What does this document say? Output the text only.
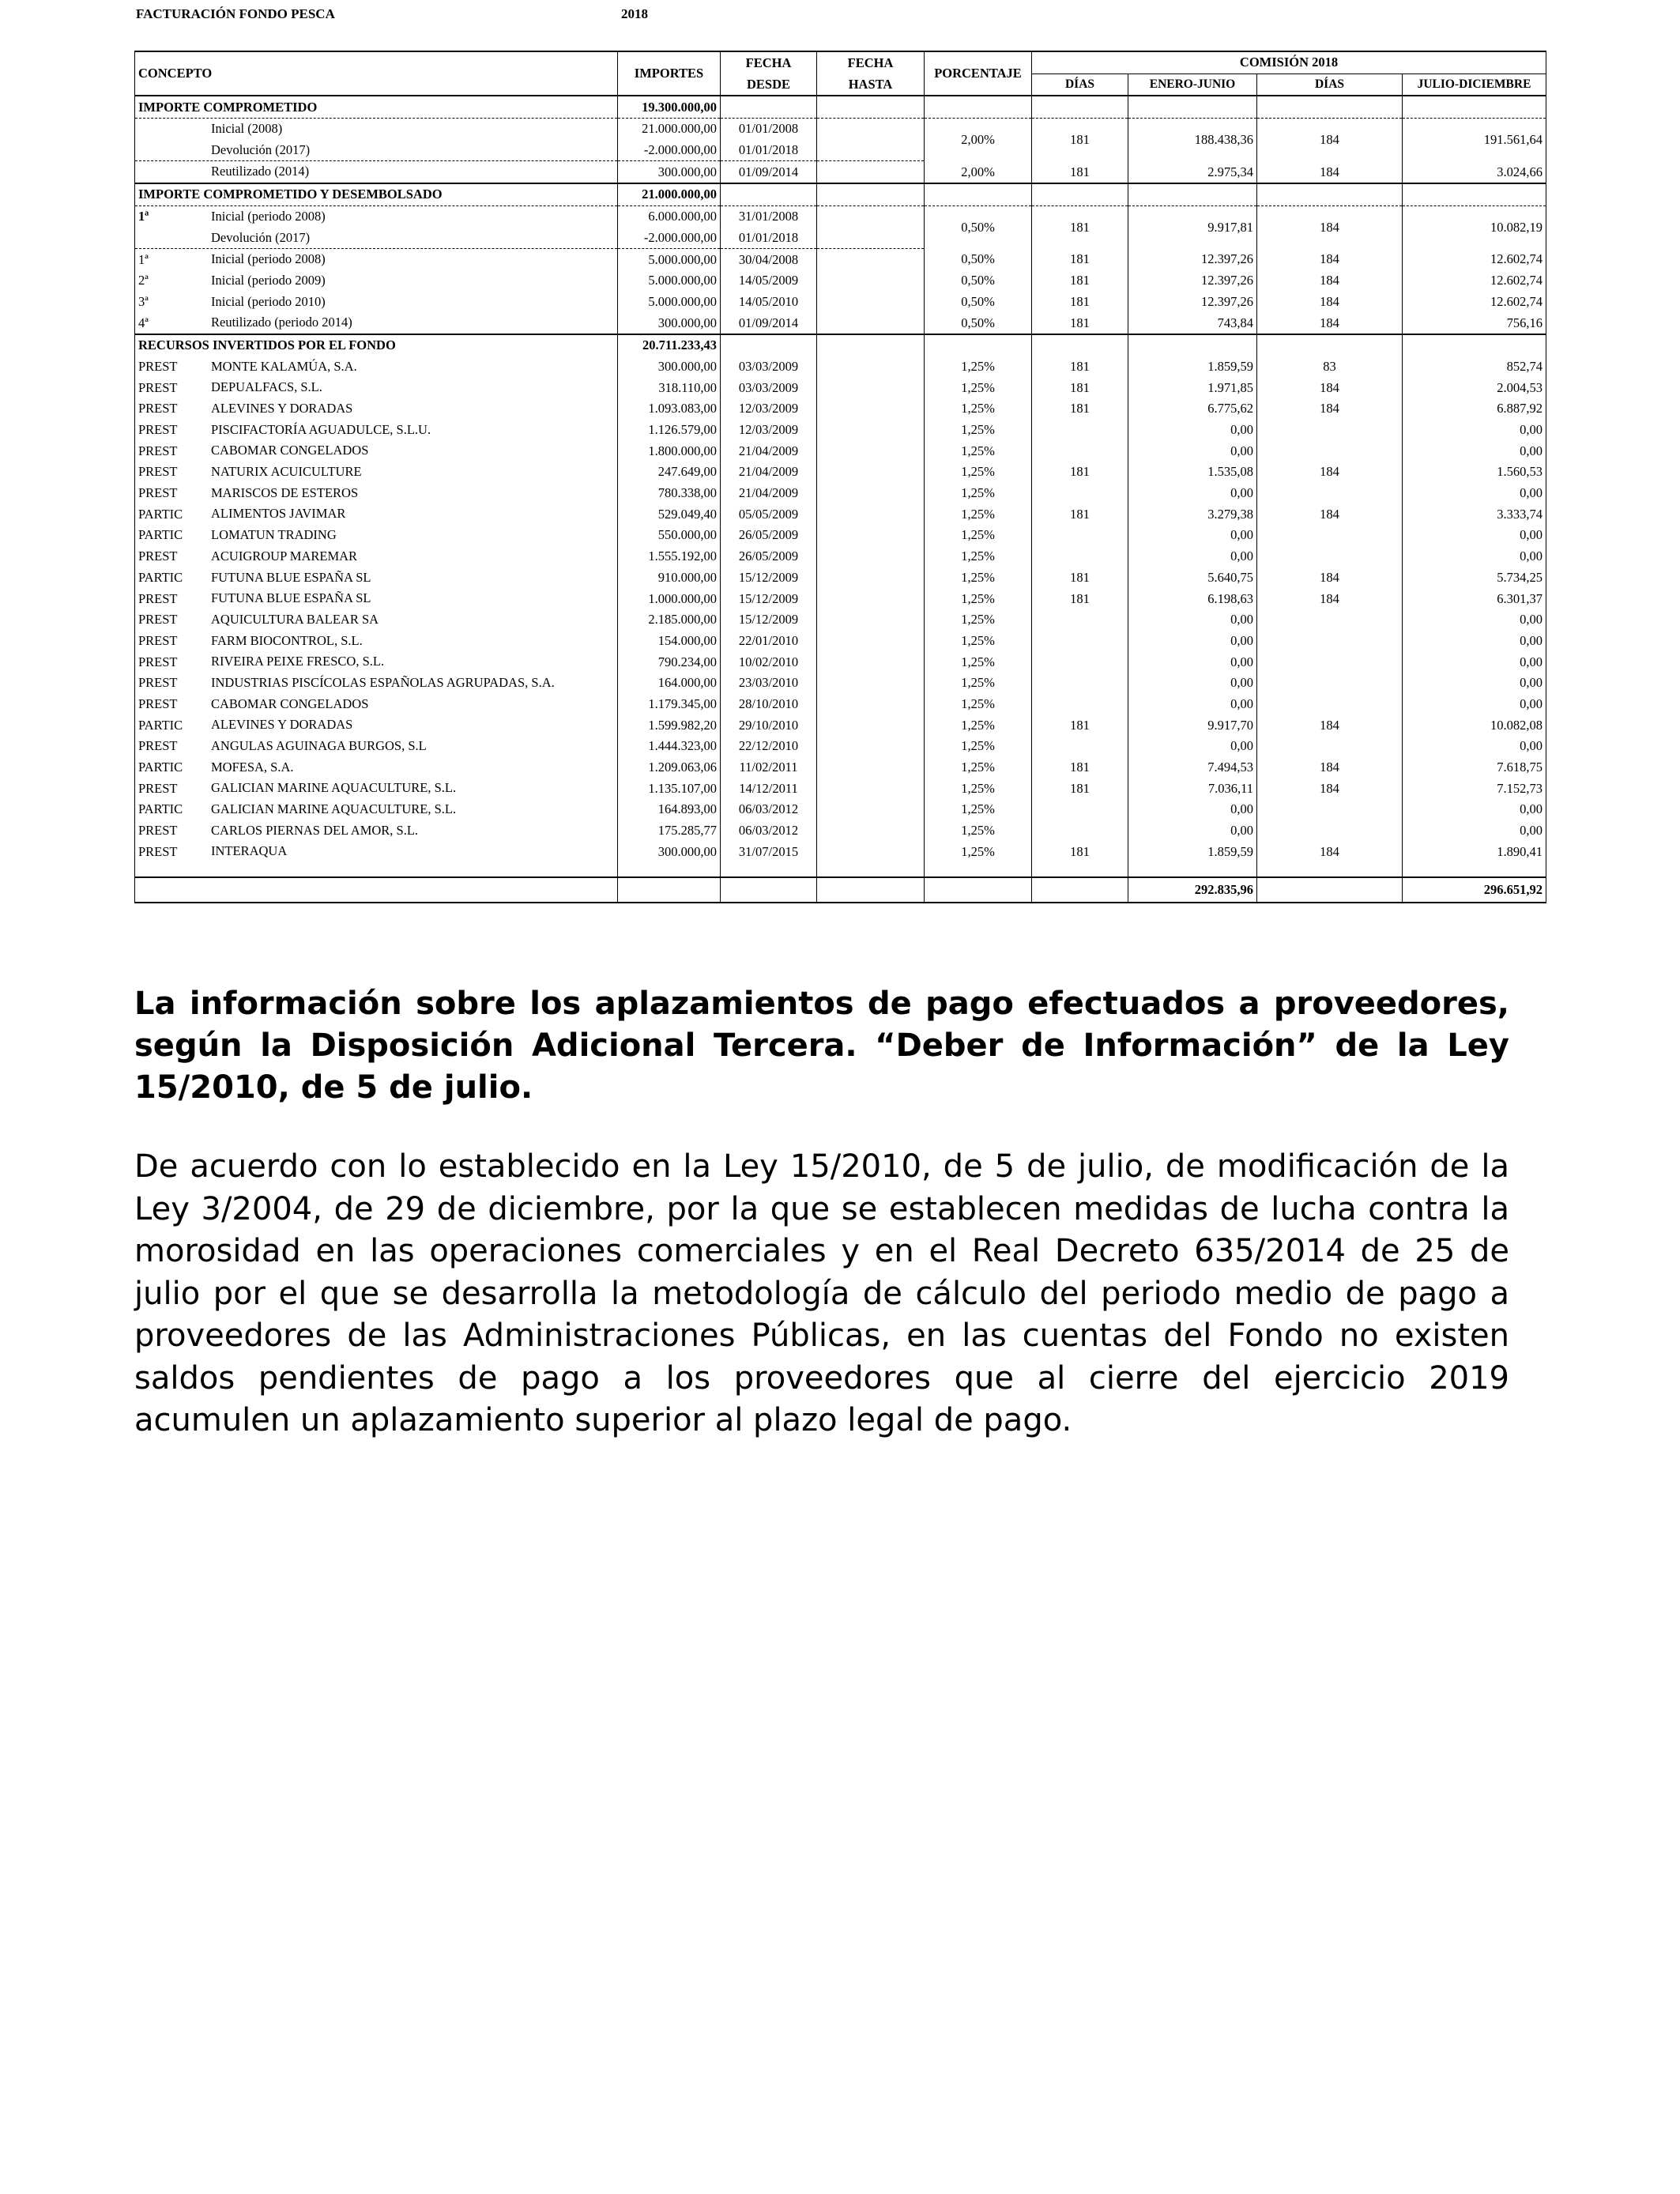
FACTURACIÓN FONDO PESCA	2018
CONCEPTO	IMPORTES	FECHA	FECHA	PORCENTAJE	COMISIÓN 2018			
		DESDE	HASTA		DÍAS	ENERO-JUNIO	DÍAS	JULIO-DICIEMBRE
IMPORTE COMPROMETIDO	19.300.000,00							

Inicial (2008)	21.000.000,00	01/01/2008		2,00%	181	188.438,36	184	191.561,64

Devolución (2017)	-2.000.000,00	01/01/2018						

Reutilizado (2014)	300.000,00	01/09/2014		2,00%	181	2.975,34	184	3.024,66
IMPORTE COMPROMETIDO Y DESEMBOLSADO	21.000.000,00							
1ª Inicial (periodo 2008)	6.000.000,00	31/01/2008		0,50%	181	9.917,81	184	10.082,19

Devolución (2017)	-2.000.000,00	01/01/2018						
1ª Inicial (periodo 2008)	5.000.000,00	30/04/2008		0,50%	181	12.397,26	184	12.602,74
2ª Inicial (periodo 2009)	5.000.000,00	14/05/2009		0,50%	181	12.397,26	184	12.602,74
3ª Inicial (periodo 2010)	5.000.000,00	14/05/2010		0,50%	181	12.397,26	184	12.602,74
4ª Reutilizado (periodo 2014)	300.000,00	01/09/2014		0,50%	181	743,84	184	756,16
RECURSOS INVERTIDOS POR EL FONDO	20.711.233,43							
PREST MONTE KALAMÚA, S.A.	300.000,00	03/03/2009		1,25%	181	1.859,59	83	852,74
PREST DEPUALFACS, S.L.	318.110,00	03/03/2009		1,25%	181	1.971,85	184	2.004,53
PREST ALEVINES Y DORADAS	1.093.083,00	12/03/2009		1,25%	181	6.775,62	184	6.887,92
PREST PISCIFACTORÍA AGUADULCE, S.L.U.	1.126.579,00	12/03/2009		1,25%		0,00		0,00
PREST CABOMAR CONGELADOS	1.800.000,00	21/04/2009		1,25%		0,00		0,00
PREST NATURIX ACUICULTURE	247.649,00	21/04/2009		1,25%	181	1.535,08	184	1.560,53
PREST MARISCOS DE ESTEROS	780.338,00	21/04/2009		1,25%		0,00		0,00
PARTIC ALIMENTOS JAVIMAR	529.049,40	05/05/2009		1,25%	181	3.279,38	184	3.333,74
PARTIC LOMATUN TRADING	550.000,00	26/05/2009		1,25%		0,00		0,00
PREST ACUIGROUP MAREMAR	1.555.192,00	26/05/2009		1,25%		0,00		0,00
PARTIC FUTUNA BLUE ESPAÑA SL	910.000,00	15/12/2009		1,25%	181	5.640,75	184	5.734,25
PREST FUTUNA BLUE ESPAÑA SL	1.000.000,00	15/12/2009		1,25%	181	6.198,63	184	6.301,37
PREST AQUICULTURA BALEAR SA	2.185.000,00	15/12/2009		1,25%		0,00		0,00
PREST FARM BIOCONTROL, S.L.	154.000,00	22/01/2010		1,25%		0,00		0,00
PREST RIVEIRA PEIXE FRESCO, S.L.	790.234,00	10/02/2010		1,25%		0,00		0,00
PREST INDUSTRIAS PISCÍCOLAS ESPAÑOLAS AGRUPADAS, S.A.	164.000,00	23/03/2010		1,25%		0,00		0,00
PREST CABOMAR CONGELADOS	1.179.345,00	28/10/2010		1,25%		0,00		0,00
PARTIC ALEVINES Y DORADAS	1.599.982,20	29/10/2010		1,25%	181	9.917,70	184	10.082,08
PREST ANGULAS AGUINAGA BURGOS, S.L	1.444.323,00	22/12/2010		1,25%		0,00		0,00
PARTIC MOFESA, S.A.	1.209.063,06	11/02/2011		1,25%	181	7.494,53	184	7.618,75
PREST GALICIAN MARINE AQUACULTURE, S.L.	1.135.107,00	14/12/2011		1,25%	181	7.036,11	184	7.152,73
PARTIC GALICIAN MARINE AQUACULTURE, S.L.	164.893,00	06/03/2012		1,25%		0,00		0,00
PREST CARLOS PIERNAS DEL AMOR, S.L.	175.285,77	06/03/2012		1,25%		0,00		0,00
PREST INTERAQUA	300.000,00	31/07/2015		1,25%	181	1.859,59	184	1.890,41

						292.835,96		296.651,92
La información sobre los aplazamientos de pago efectuados a proveedores, según la Disposición Adicional Tercera. “Deber de Información” de la Ley 15/2010, de 5 de julio.
De acuerdo con lo establecido en la Ley 15/2010, de 5 de julio, de modificación de la Ley 3/2004, de 29 de diciembre, por la que se establecen medidas de lucha contra la morosidad en las operaciones comerciales y en el Real Decreto 635/2014 de 25 de julio por el que se desarrolla la metodología de cálculo del periodo medio de pago a proveedores de las Administraciones Públicas, en las cuentas del Fondo no existen saldos pendientes de pago a los proveedores que al cierre del ejercicio 2019 acumulen un aplazamiento superior al plazo legal de pago.
